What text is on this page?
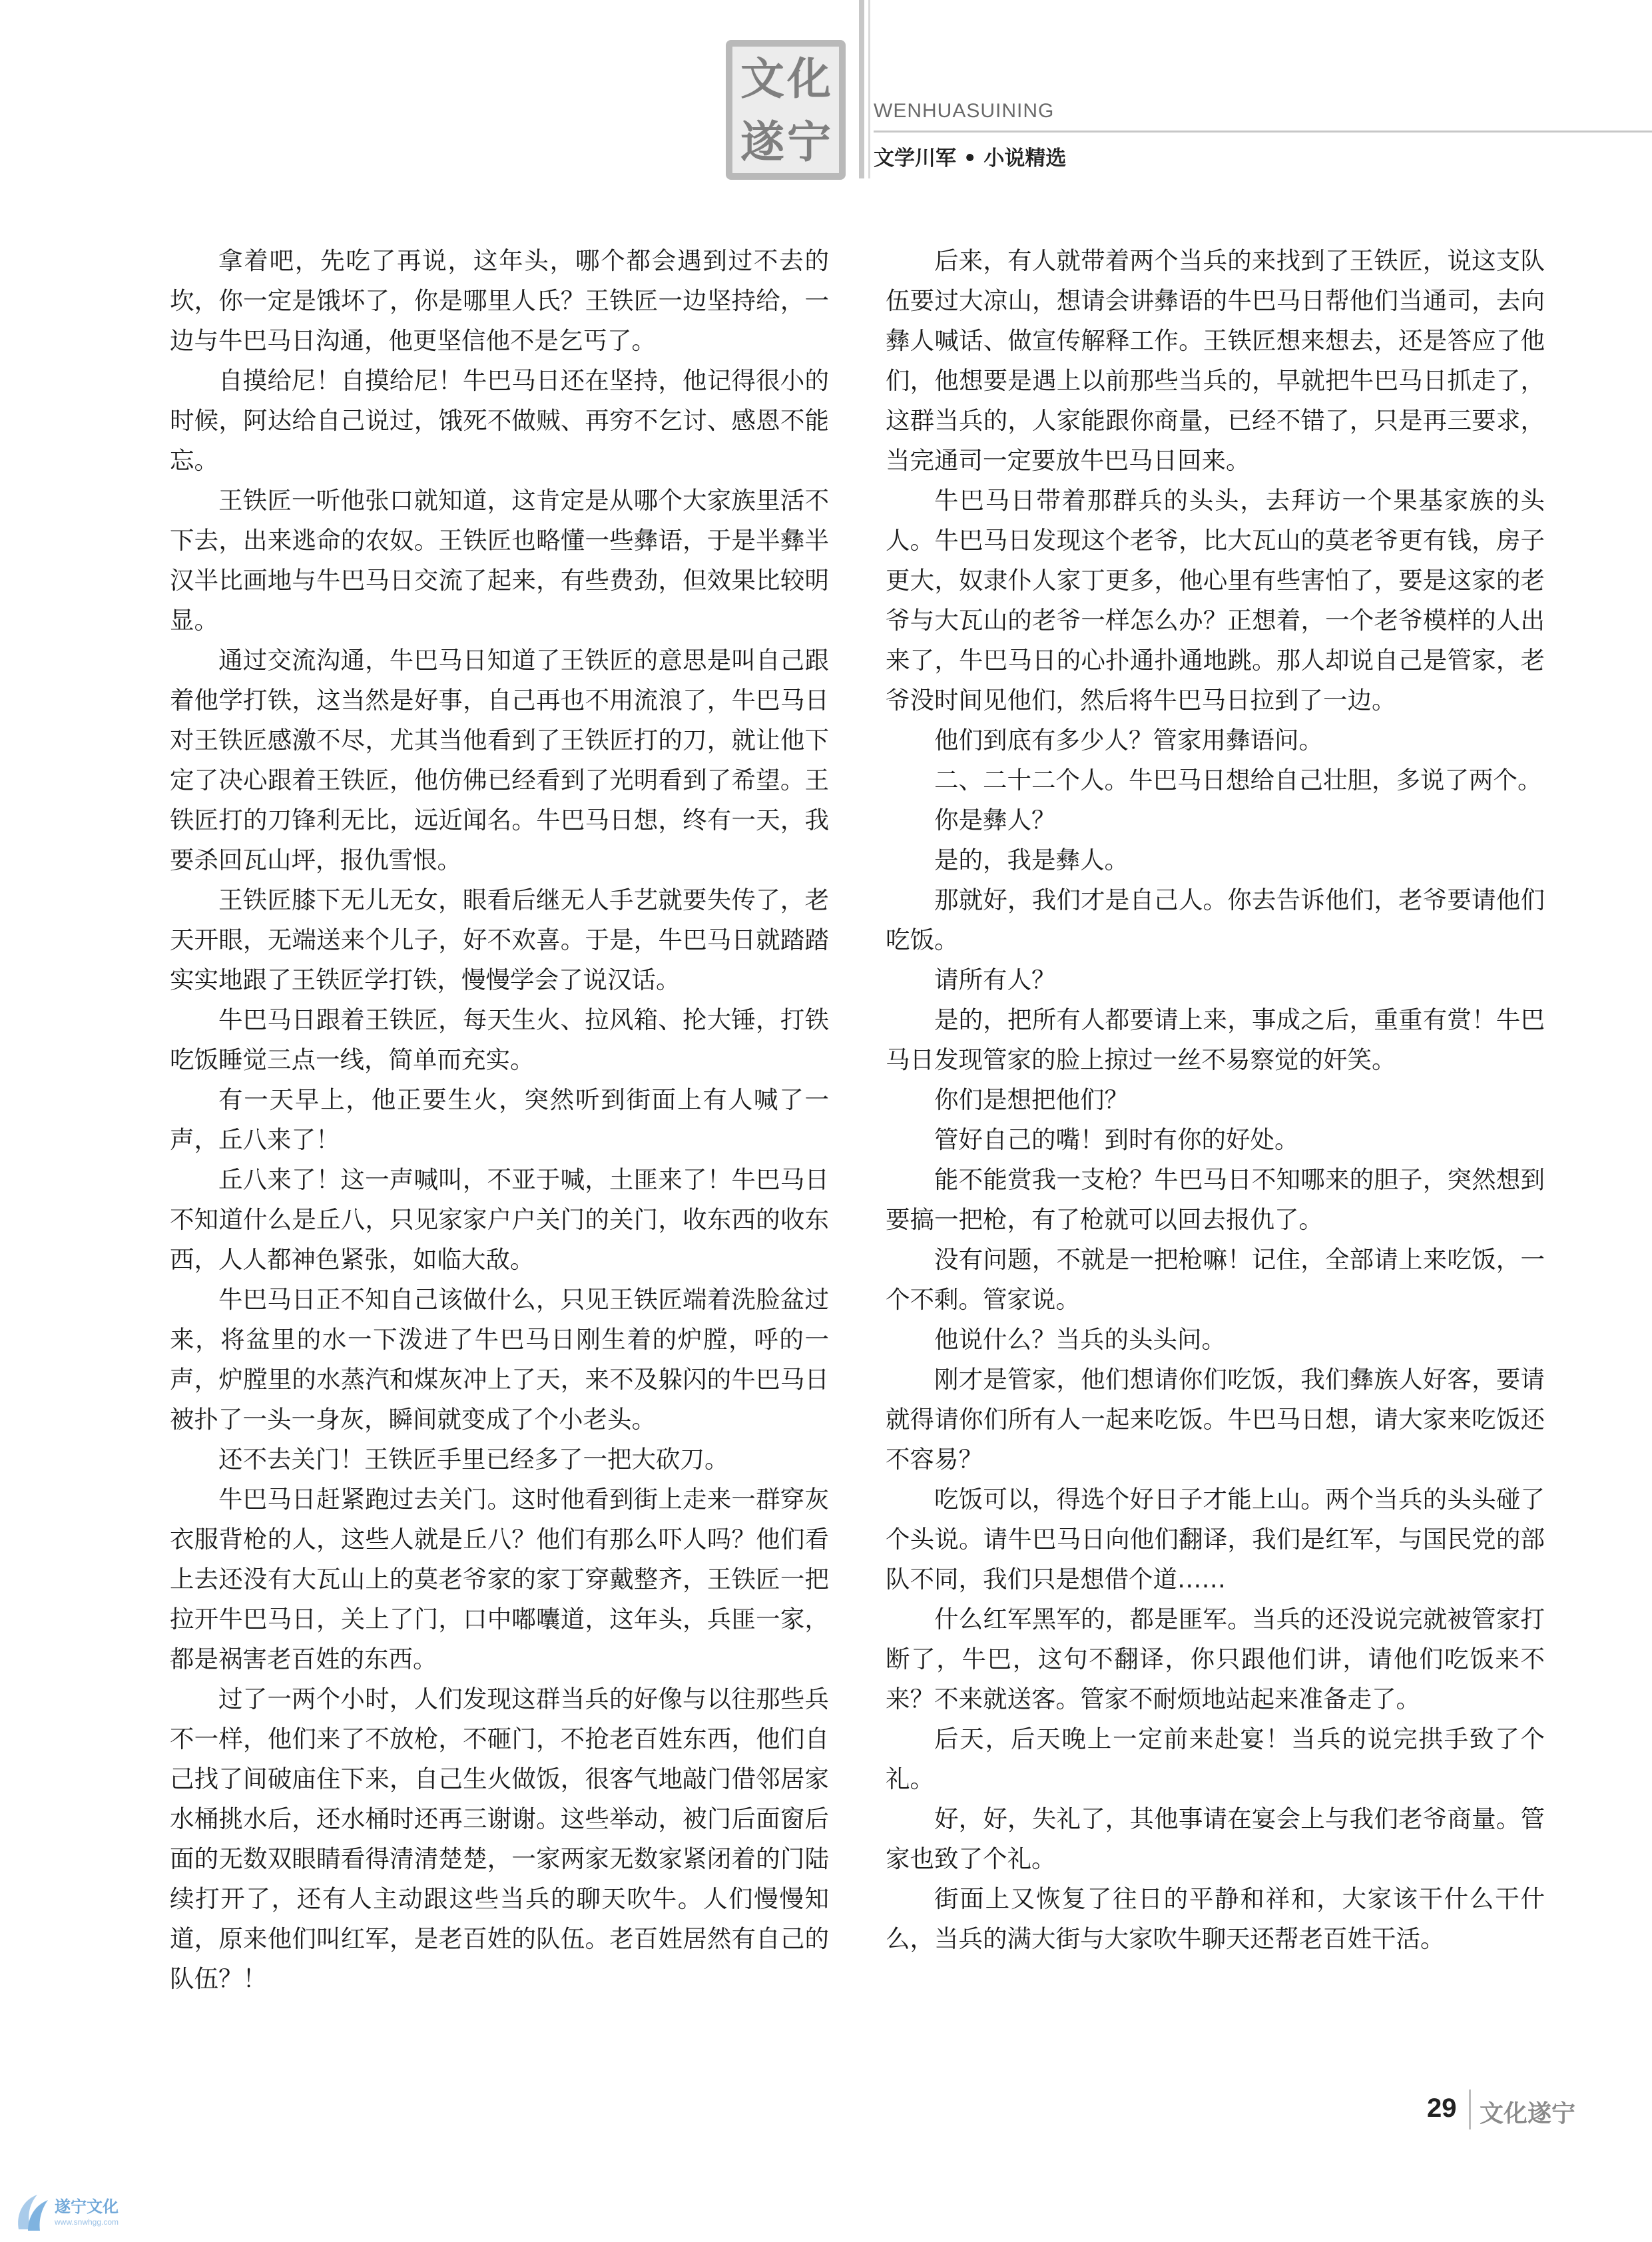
文 化
遂 宁
WENHUASUINING
文学川军 • 小说精选

拿着吧，先吃了再说，这年头，哪个都会遇到过不去的坎，你一定是饿坏了，你是哪里人氏？王铁匠一边坚持给，一边与牛巴马日沟通，他更坚信他不是乞丐了。

自摸给尼！自摸给尼！牛巴马日还在坚持，他记得很小的时候，阿达给自己说过，饿死不做贼、再穷不乞讨、感恩不能忘。

王铁匠一听他张口就知道，这肯定是从哪个大家族里活不下去，出来逃命的农奴。王铁匠也略懂一些彝语，于是半彝半汉半比画地与牛巴马日交流了起来，有些费劲，但效果比较明显。

通过交流沟通，牛巴马日知道了王铁匠的意思是叫自己跟着他学打铁，这当然是好事，自己再也不用流浪了，牛巴马日对王铁匠感激不尽，尤其当他看到了王铁匠打的刀，就让他下定了决心跟着王铁匠，他仿佛已经看到了光明看到了希望。王铁匠打的刀锋利无比，远近闻名。牛巴马日想，终有一天，我要杀回瓦山坪，报仇雪恨。

王铁匠膝下无儿无女，眼看后继无人手艺就要失传了，老天开眼，无端送来个儿子，好不欢喜。于是，牛巴马日就踏踏实实地跟了王铁匠学打铁，慢慢学会了说汉话。

牛巴马日跟着王铁匠，每天生火、拉风箱、抡大锤，打铁吃饭睡觉三点一线，简单而充实。

有一天早上，他正要生火，突然听到街面上有人喊了一声，丘八来了！

丘八来了！这一声喊叫，不亚于喊，土匪来了！牛巴马日不知道什么是丘八，只见家家户户关门的关门，收东西的收东西，人人都神色紧张，如临大敌。

牛巴马日正不知自己该做什么，只见王铁匠端着洗脸盆过来，将盆里的水一下泼进了牛巴马日刚生着的炉膛，呼的一声，炉膛里的水蒸汽和煤灰冲上了天，来不及躲闪的牛巴马日被扑了一头一身灰，瞬间就变成了个小老头。

还不去关门！王铁匠手里已经多了一把大砍刀。

牛巴马日赶紧跑过去关门。这时他看到街上走来一群穿灰衣服背枪的人，这些人就是丘八？他们有那么吓人吗？他们看上去还没有大瓦山上的莫老爷家的家丁穿戴整齐，王铁匠一把拉开牛巴马日，关上了门，口中嘟囔道，这年头，兵匪一家，都是祸害老百姓的东西。

过了一两个小时，人们发现这群当兵的好像与以往那些兵不一样，他们来了不放枪，不砸门，不抢老百姓东西，他们自己找了间破庙住下来，自己生火做饭，很客气地敲门借邻居家水桶挑水后，还水桶时还再三谢谢。这些举动，被门后面窗后面的无数双眼睛看得清清楚楚，一家两家无数家紧闭着的门陆续打开了，还有人主动跟这些当兵的聊天吹牛。人们慢慢知道，原来他们叫红军，是老百姓的队伍。老百姓居然有自己的队伍？！

后来，有人就带着两个当兵的来找到了王铁匠，说这支队伍要过大凉山，想请会讲彝语的牛巴马日帮他们当通司，去向彝人喊话、做宣传解释工作。王铁匠想来想去，还是答应了他们，他想要是遇上以前那些当兵的，早就把牛巴马日抓走了，这群当兵的，人家能跟你商量，已经不错了，只是再三要求，当完通司一定要放牛巴马日回来。

牛巴马日带着那群兵的头头，去拜访一个果基家族的头人。牛巴马日发现这个老爷，比大瓦山的莫老爷更有钱，房子更大，奴隶仆人家丁更多，他心里有些害怕了，要是这家的老爷与大瓦山的老爷一样怎么办？正想着，一个老爷模样的人出来了，牛巴马日的心扑通扑通地跳。那人却说自己是管家，老爷没时间见他们，然后将牛巴马日拉到了一边。

他们到底有多少人？管家用彝语问。

二、二十二个人。牛巴马日想给自己壮胆，多说了两个。

你是彝人？

是的，我是彝人。

那就好，我们才是自己人。你去告诉他们，老爷要请他们吃饭。

请所有人？

是的，把所有人都要请上来，事成之后，重重有赏！牛巴马日发现管家的脸上掠过一丝不易察觉的奸笑。

你们是想把他们？

管好自己的嘴！到时有你的好处。

能不能赏我一支枪？牛巴马日不知哪来的胆子，突然想到要搞一把枪，有了枪就可以回去报仇了。

没有问题，不就是一把枪嘛！记住，全部请上来吃饭，一个不剩。管家说。

他说什么？当兵的头头问。

刚才是管家，他们想请你们吃饭，我们彝族人好客，要请就得请你们所有人一起来吃饭。牛巴马日想，请大家来吃饭还不容易？

吃饭可以，得选个好日子才能上山。两个当兵的头头碰了个头说。请牛巴马日向他们翻译，我们是红军，与国民党的部队不同，我们只是想借个道……

什么红军黑军的，都是匪军。当兵的还没说完就被管家打断了，牛巴，这句不翻译，你只跟他们讲，请他们吃饭来不来？不来就送客。管家不耐烦地站起来准备走了。

后天，后天晚上一定前来赴宴！当兵的说完拱手致了个礼。

好，好，失礼了，其他事请在宴会上与我们老爷商量。管家也致了个礼。

街面上又恢复了往日的平静和祥和，大家该干什么干什么，当兵的满大街与大家吹牛聊天还帮老百姓干活。

29 文化遂宁
遂宁文化
www.snwhgg.com
